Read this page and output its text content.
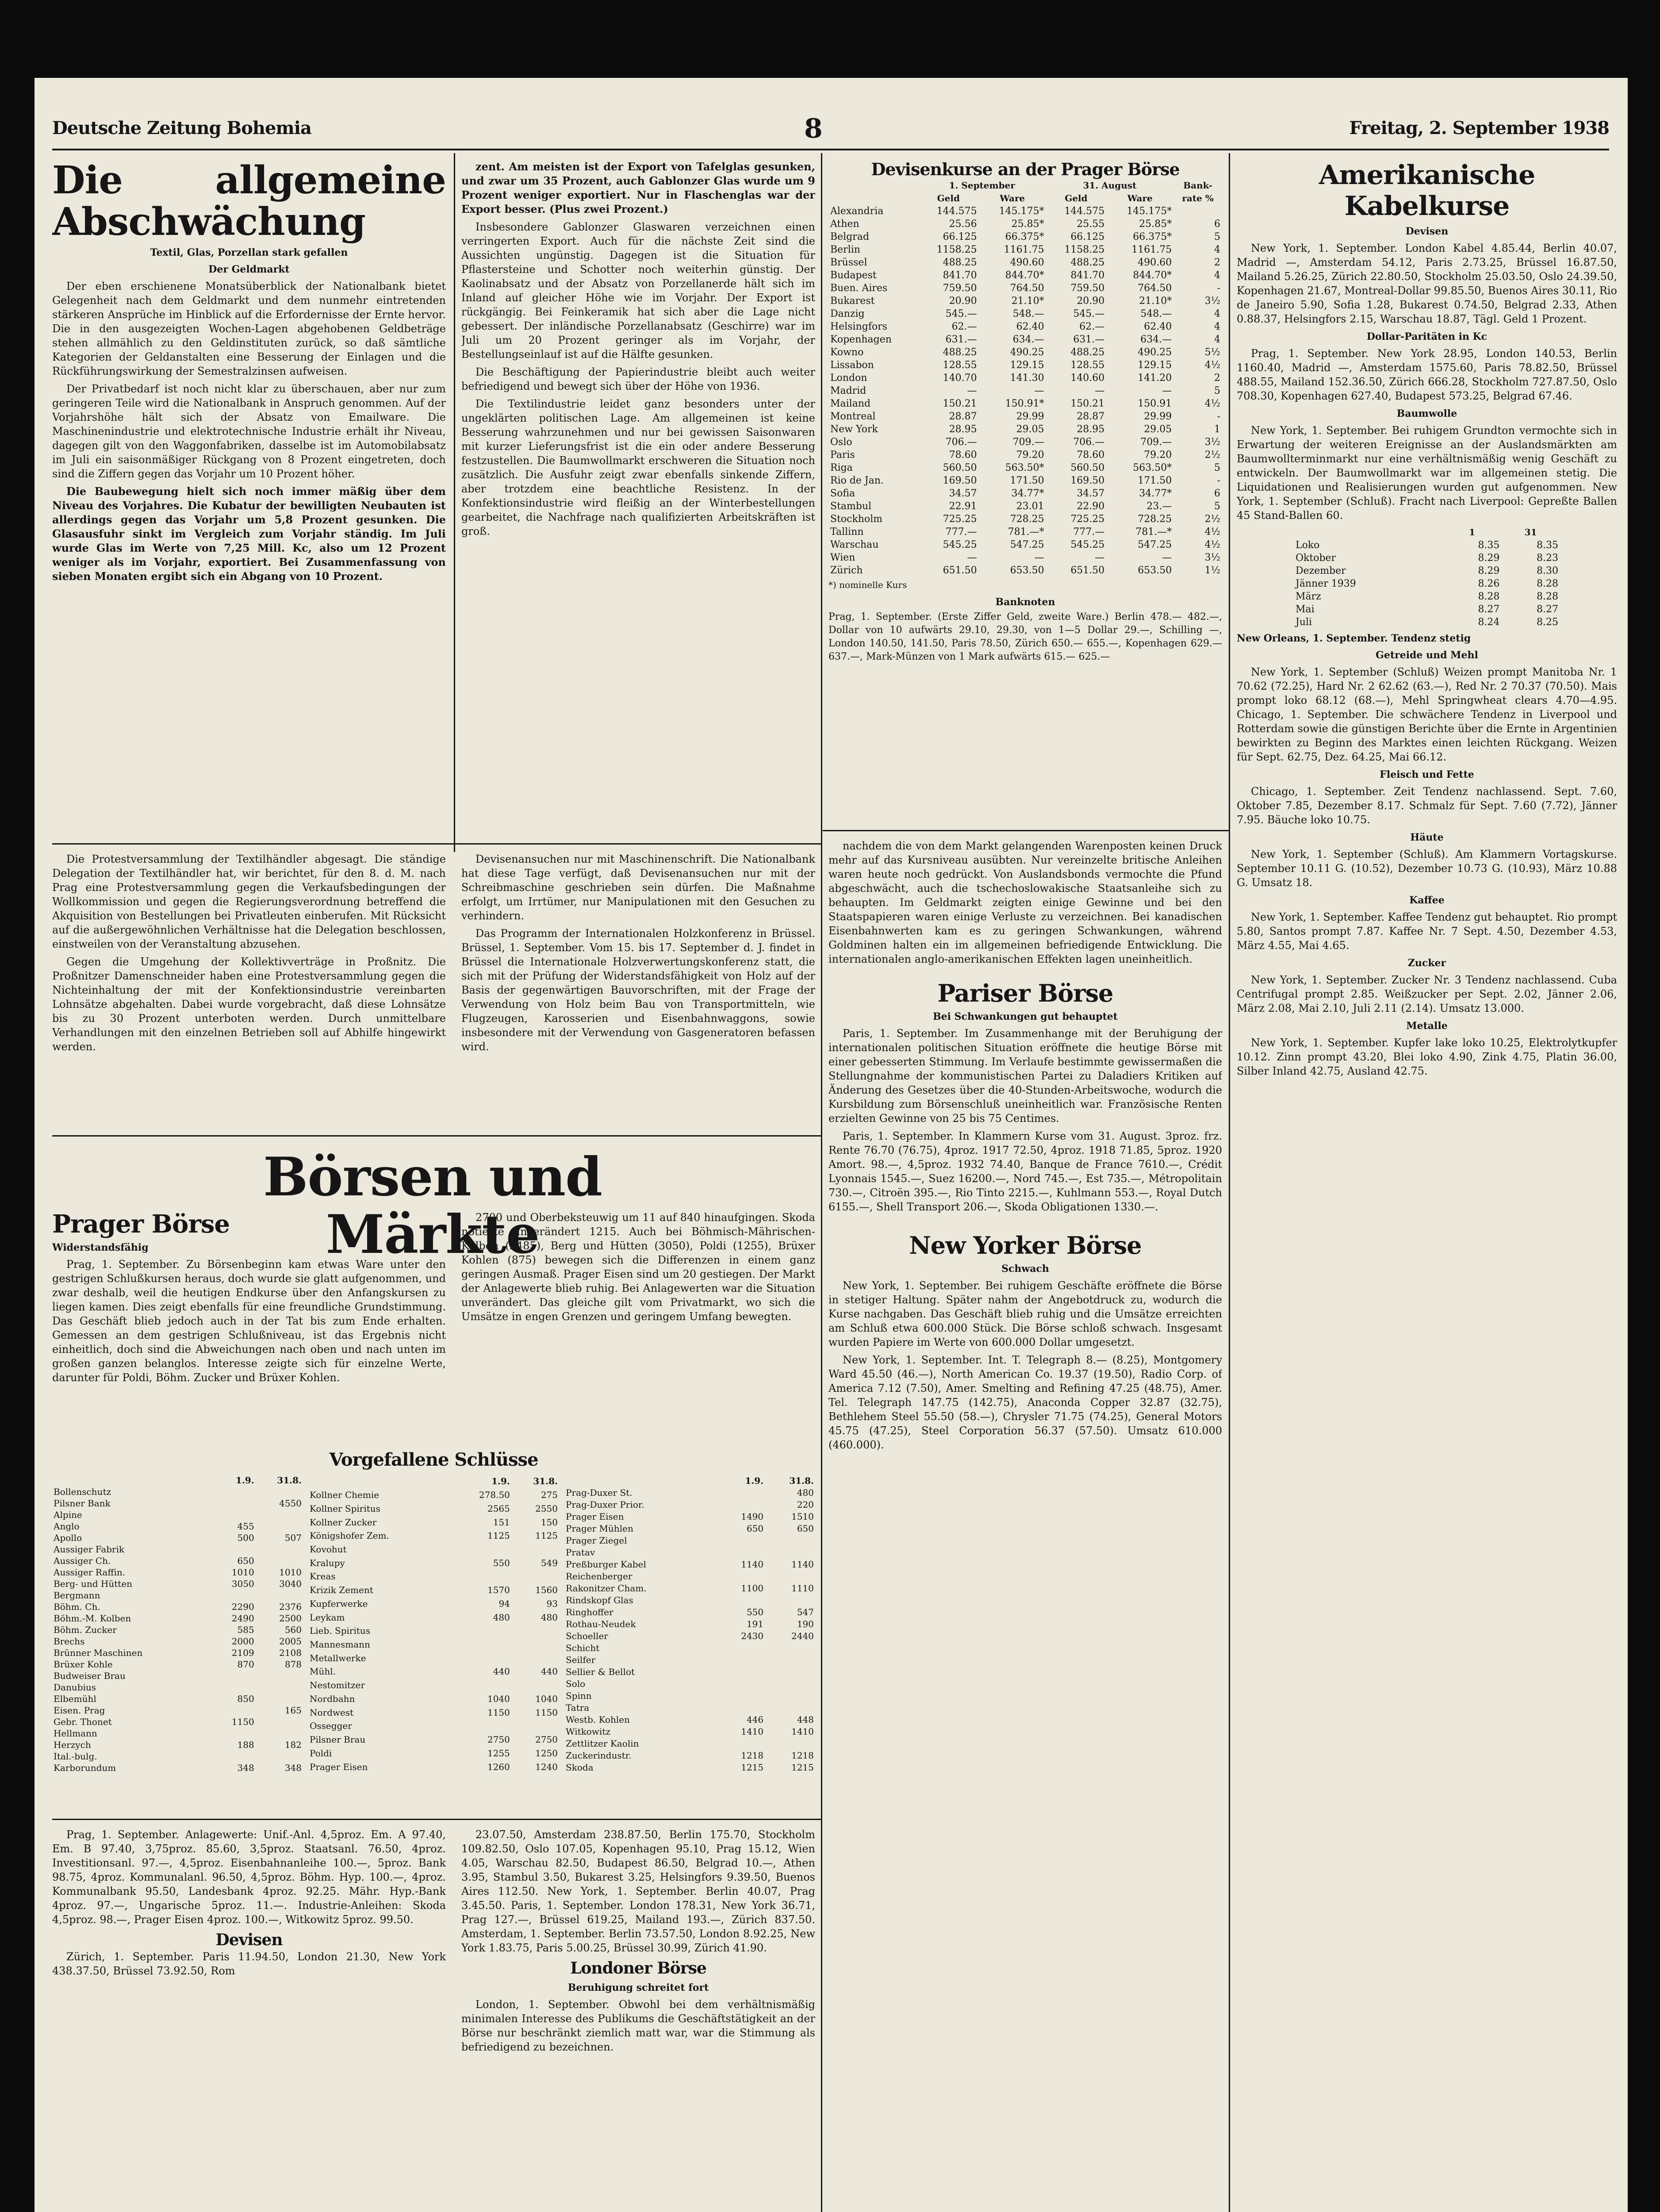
Deutsche Zeitung Bohemia	8	Freitag, 2. September 1938
Die allgemeine Abschwächung
Textil, Glas, Porzellan stark gefallen
Der Geldmarkt

Der eben erschienene Monatsüberblick der Nationalbank bietet Gelegenheit nach dem Geldmarkt und dem nunmehr eintretenden stärkeren Ansprüche im Hinblick auf die Erfordernisse der Ernte hervor. Die in den ausgezeigten Wochen-Lagen abgehobenen Geldbeträge stehen allmählich zu den Geldinstituten zurück, so daß sämtliche Kategorien der Geldanstalten eine Besserung der Einlagen und die Rückführungswirkung der Semestralzinsen aufweisen.

Der Privatbedarf ist noch nicht klar zu überschauen, aber nur zum geringeren Teile wird die Nationalbank in Anspruch genommen. Auf der Vorjahrshöhe hält sich der Absatz von Emailware. Die Maschinenindustrie und elektrotechnische Industrie erhält ihr Niveau, dagegen gilt von den Waggonfabriken, dasselbe ist im Automobilabsatz im Juli ein saisonmäßiger Rückgang von 8 Prozent eingetreten, doch sind die Ziffern gegen das Vorjahr um 10 Prozent höher.

Die Baubewegung hielt sich noch immer mäßig über dem Niveau des Vorjahres. Die Kubatur der bewilligten Neubauten ist allerdings gegen das Vorjahr um 5,8 Prozent gesunken. Die Glasausfuhr sinkt im Vergleich zum Vorjahr ständig. Im Juli wurde Glas im Werte von 7,25 Mill. Kc, also um 12 Prozent weniger als im Vorjahr, exportiert. Bei Zusammenfassung von sieben Monaten ergibt sich ein Abgang von 10 Prozent.

zent. Am meisten ist der Export von Tafelglas gesunken, und zwar um 35 Prozent, auch Gablonzer Glas wurde um 9 Prozent weniger exportiert. Nur in Flaschenglas war der Export besser. (Plus zwei Prozent.)

Insbesondere Gablonzer Glaswaren verzeichnen einen verringerten Export. Auch für die nächste Zeit sind die Aussichten ungünstig. Dagegen ist die Situation für Pflastersteine und Schotter noch weiterhin günstig. Der Kaolinabsatz und der Absatz von Porzellanerde hält sich im Inland auf gleicher Höhe wie im Vorjahr. Der Export ist rückgängig. Bei Feinkeramik hat sich aber die Lage nicht gebessert. Der inländische Porzellanabsatz (Geschirre) war im Juli um 20 Prozent geringer als im Vorjahr, der Bestellungseinlauf ist auf die Hälfte gesunken.

Die Beschäftigung der Papierindustrie bleibt auch weiter befriedigend und bewegt sich über der Höhe von 1936.

Die Textilindustrie leidet ganz besonders unter der ungeklärten politischen Lage. Am allgemeinen ist keine Besserung wahrzunehmen und nur bei gewissen Saisonwaren mit kurzer Lieferungsfrist ist die ein oder andere Besserung festzustellen. Die Baumwollmarkt erschweren die Situation noch zusätzlich. Die Ausfuhr zeigt zwar ebenfalls sinkende Ziffern, aber trotzdem eine beachtliche Resistenz. In der Konfektionsindustrie wird fleißig an der Winterbestellungen gearbeitet, die Nachfrage nach qualifizierten Arbeitskräften ist groß.

Die Protestversammlung der Textilhändler abgesagt. Die ständige Delegation der Textilhändler hat, wir berichtet, für den 8. d. M. nach Prag eine Protestversammlung gegen die Verkaufsbedingungen der Wollkommission und gegen die Regierungsverordnung betreffend die Akquisition von Bestellungen bei Privatleuten einberufen. Mit Rücksicht auf die außergewöhnlichen Verhältnisse hat die Delegation beschlossen, einstweilen von der Veranstaltung abzusehen.

Gegen die Umgehung der Kollektivverträge in Proßnitz. Die Proßnitzer Damenschneider haben eine Protestversammlung gegen die Nichteinhaltung der mit der Konfektionsindustrie vereinbarten Lohnsätze abgehalten. Dabei wurde vorgebracht, daß diese Lohnsätze bis zu 30 Prozent unterboten werden. Durch unmittelbare Verhandlungen mit den einzelnen Betrieben soll auf Abhilfe hingewirkt werden.

Devisenansuchen nur mit Maschinenschrift. Die Nationalbank hat diese Tage verfügt, daß Devisenansuchen nur mit der Schreibmaschine geschrieben sein dürfen. Die Maßnahme erfolgt, um Irrtümer, nur Manipulationen mit den Gesuchen zu verhindern.

Das Programm der Internationalen Holzkonferenz in Brüssel. Brüssel, 1. September. Vom 15. bis 17. September d. J. findet in Brüssel die Internationale Holzverwertungskonferenz statt, die sich mit der Prüfung der Widerstandsfähigkeit von Holz auf der Basis der gegenwärtigen Bauvorschriften, mit der Frage der Verwendung von Holz beim Bau von Transportmitteln, wie Flugzeugen, Karosserien und Eisenbahnwaggons, sowie insbesondere mit der Verwendung von Gasgeneratoren befassen wird.

Börsen und Märkte
Prager Börse
Widerstandsfähig

Prag, 1. September. Zu Börsenbeginn kam etwas Ware unter den gestrigen Schlußkursen heraus, doch wurde sie glatt aufgenommen, und zwar deshalb, weil die heutigen Endkurse über den Anfangskursen zu liegen kamen. Dies zeigt ebenfalls für eine freundliche Grundstimmung. Das Geschäft blieb jedoch auch in der Tat bis zum Ende erhalten. Gemessen an dem gestrigen Schlußniveau, ist das Ergebnis nicht einheitlich, doch sind die Abweichungen nach oben und nach unten im großen ganzen belanglos. Interesse zeigte sich für einzelne Werte, darunter für Poldi, Böhm. Zucker und Brüxer Kohlen.

2700 und Oberbeksteuwig um 11 auf 840 hinaufgingen. Skoda notierte unverändert 1215. Auch bei Böhmisch-Mährischen-Kolben (2485), Berg und Hütten (3050), Poldi (1255), Brüxer Kohlen (875) bewegen sich die Differenzen in einem ganz geringen Ausmaß. Prager Eisen sind um 20 gestiegen. Der Markt der Anlagewerte blieb ruhig. Bei Anlagewerten war die Situation unverändert. Das gleiche gilt vom Privatmarkt, wo sich die Umsätze in engen Grenzen und geringem Umfang bewegten.

Vorgefallene Schlüsse
	1.9.	31.8.
Bollenschutz		
Pilsner Bank		4550
Alpine		
Anglo	455	
Apollo	500	507
Aussiger Fabrik		
Aussiger Ch.	650	
Aussiger Raffin.	1010	1010
Berg- und Hütten	3050	3040
Bergmann		
Böhm. Ch.	2290	2376
Böhm.-M. Kolben	2490	2500
Böhm. Zucker	585	560
Brechs	2000	2005
Brünner Maschinen	2109	2108
Brüxer Kohle	870	878
Budweiser Brau		
Danubius		
Elbemühl	850	
Eisen. Prag		165
Gebr. Thonet	1150	
Hellmann		
Herzych	188	182
Ital.-bulg.		
Karborundum	348	348
	1.9.	31.8.
Kollner Chemie	278.50	275
Kollner Spiritus	2565	2550
Kollner Zucker	151	150
Königshofer Zem.	1125	1125
Kovohut		
Kralupy	550	549
Kreas		
Krizik Zement	1570	1560
Kupferwerke	94	93
Leykam	480	480
Lieb. Spiritus		
Mannesmann		
Metallwerke		
Mühl.	440	440
Nestomitzer		
Nordbahn	1040	1040
Nordwest	1150	1150
Ossegger		
Pilsner Brau	2750	2750
Poldi	1255	1250
Prager Eisen	1260	1240
	1.9.	31.8.
Prag-Duxer St.		480
Prag-Duxer Prior.		220
Prager Eisen	1490	1510
Prager Mühlen	650	650
Prager Ziegel		
Pratav		
Preßburger Kabel	1140	1140
Reichenberger		
Rakonitzer Cham.	1100	1110
Rindskopf Glas		
Ringhoffer	550	547
Rothau-Neudek	191	190
Schoeller	2430	2440
Schicht		
Seilfer		
Sellier & Bellot		
Solo		
Spinn		
Tatra		
Westb. Kohlen	446	448
Witkowitz	1410	1410
Zettlitzer Kaolin		
Zuckerindustr.	1218	1218
Skoda	1215	1215

Prag, 1. September. Anlagewerte: Unif.-Anl. 4,5proz. Em. A 97.40, Em. B 97.40, 3,75proz. 85.60, 3,5proz. Staatsanl. 76.50, 4proz. Investitionsanl. 97.—, 4,5proz. Eisenbahnanleihe 100.—, 5proz. Bank 98.75, 4proz. Kommunalanl. 96.50, 4,5proz. Böhm. Hyp. 100.—, 4proz. Kommunalbank 95.50, Landesbank 4proz. 92.25. Mähr. Hyp.-Bank 4proz. 97.—, Ungarische 5proz. 11.—. Industrie-Anleihen: Skoda 4,5proz. 98.—, Prager Eisen 4proz. 100.—, Witkowitz 5proz. 99.50.

Devisen

Zürich, 1. September. Paris 11.94.50, London 21.30, New York 438.37.50, Brüssel 73.92.50, Rom

23.07.50, Amsterdam 238.87.50, Berlin 175.70, Stockholm 109.82.50, Oslo 107.05, Kopenhagen 95.10, Prag 15.12, Wien 4.05, Warschau 82.50, Budapest 86.50, Belgrad 10.—, Athen 3.95, Stambul 3.50, Bukarest 3.25, Helsingfors 9.39.50, Buenos Aires 112.50. New York, 1. September. Berlin 40.07, Prag 3.45.50. Paris, 1. September. London 178.31, New York 36.71, Prag 127.—, Brüssel 619.25, Mailand 193.—, Zürich 837.50. Amsterdam, 1. September. Berlin 73.57.50, London 8.92.25, New York 1.83.75, Paris 5.00.25, Brüssel 30.99, Zürich 41.90.

Londoner Börse
Beruhigung schreitet fort

London, 1. September. Obwohl bei dem verhältnismäßig minimalen Interesse des Publikums die Geschäftstätigkeit an der Börse nur beschränkt ziemlich matt war, war die Stimmung als befriedigend zu bezeichnen.

Devisenkurse an der Prager Börse
	1. September		31. August		Bank-
	Geld	Ware	Geld	Ware	rate %
Alexandria	144.575	145.175*	144.575	145.175*	
Athen	25.56	25.85*	25.55	25.85*	6
Belgrad	66.125	66.375*	66.125	66.375*	5
Berlin	1158.25	1161.75	1158.25	1161.75	4
Brüssel	488.25	490.60	488.25	490.60	2
Budapest	841.70	844.70*	841.70	844.70*	4
Buen. Aires	759.50	764.50	759.50	764.50	-
Bukarest	20.90	21.10*	20.90	21.10*	3½
Danzig	545.—	548.—	545.—	548.—	4
Helsingfors	62.—	62.40	62.—	62.40	4
Kopenhagen	631.—	634.—	631.—	634.—	4
Kowno	488.25	490.25	488.25	490.25	5½
Lissabon	128.55	129.15	128.55	129.15	4½
London	140.70	141.30	140.60	141.20	2
Madrid	—	—	—	—	5
Mailand	150.21	150.91*	150.21	150.91	4½
Montreal	28.87	29.99	28.87	29.99	-
New York	28.95	29.05	28.95	29.05	1
Oslo	706.—	709.—	706.—	709.—	3½
Paris	78.60	79.20	78.60	79.20	2½
Riga	560.50	563.50*	560.50	563.50*	5
Rio de Jan.	169.50	171.50	169.50	171.50	-
Sofia	34.57	34.77*	34.57	34.77*	6
Stambul	22.91	23.01	22.90	23.—	5
Stockholm	725.25	728.25	725.25	728.25	2½
Tallinn	777.—	781.—*	777.—	781.—*	4½
Warschau	545.25	547.25	545.25	547.25	4½
Wien	—	—	—	—	3½
Zürich	651.50	653.50	651.50	653.50	1½
*) nominelle Kurs
Banknoten
Prag, 1. September. (Erste Ziffer Geld, zweite Ware.) Berlin 478.— 482.—, Dollar von 10 aufwärts 29.10, 29.30, von 1—5 Dollar 29.—, Schilling —, London 140.50, 141.50, Paris 78.50, Zürich 650.— 655.—, Kopenhagen 629.— 637.—, Mark-Münzen von 1 Mark aufwärts 615.— 625.—

nachdem die von dem Markt gelangenden Warenposten keinen Druck mehr auf das Kursniveau ausübten. Nur vereinzelte britische Anleihen waren heute noch gedrückt. Von Auslandsbonds vermochte die Pfund abgeschwächt, auch die tschechoslowakische Staatsanleihe sich zu behaupten. Im Geldmarkt zeigten einige Gewinne und bei den Staatspapieren waren einige Verluste zu verzeichnen. Bei kanadischen Eisenbahnwerten kam es zu geringen Schwankungen, während Goldminen halten ein im allgemeinen befriedigende Entwicklung. Die internationalen anglo-amerikanischen Effekten lagen uneinheitlich.

Pariser Börse
Bei Schwankungen gut behauptet

Paris, 1. September. Im Zusammenhange mit der Beruhigung der internationalen politischen Situation eröffnete die heutige Börse mit einer gebesserten Stimmung. Im Verlaufe bestimmte gewissermaßen die Stellungnahme der kommunistischen Partei zu Daladiers Kritiken auf Änderung des Gesetzes über die 40-Stunden-Arbeitswoche, wodurch die Kursbildung zum Börsenschluß uneinheitlich war. Französische Renten erzielten Gewinne von 25 bis 75 Centimes.

Paris, 1. September. In Klammern Kurse vom 31. August. 3proz. frz. Rente 76.70 (76.75), 4proz. 1917 72.50, 4proz. 1918 71.85, 5proz. 1920 Amort. 98.—, 4,5proz. 1932 74.40, Banque de France 7610.—, Crédit Lyonnais 1545.—, Suez 16200.—, Nord 745.—, Est 735.—, Métropolitain 730.—, Citroën 395.—, Rio Tinto 2215.—, Kuhlmann 553.—, Royal Dutch 6155.—, Shell Transport 206.—, Skoda Obligationen 1330.—.

New Yorker Börse
Schwach

New York, 1. September. Bei ruhigem Geschäfte eröffnete die Börse in stetiger Haltung. Später nahm der Angebotdruck zu, wodurch die Kurse nachgaben. Das Geschäft blieb ruhig und die Umsätze erreichten am Schluß etwa 600.000 Stück. Die Börse schloß schwach. Insgesamt wurden Papiere im Werte von 600.000 Dollar umgesetzt.

New York, 1. September. Int. T. Telegraph 8.— (8.25), Montgomery Ward 45.50 (46.—), North American Co. 19.37 (19.50), Radio Corp. of America 7.12 (7.50), Amer. Smelting and Refining 47.25 (48.75), Amer. Tel. Telegraph 147.75 (142.75), Anaconda Copper 32.87 (32.75), Bethlehem Steel 55.50 (58.—), Chrysler 71.75 (74.25), General Motors 45.75 (47.25), Steel Corporation 56.37 (57.50). Umsatz 610.000 (460.000).

Amerikanische Kabelkurse
Devisen

New York, 1. September. London Kabel 4.85.44, Berlin 40.07, Madrid —, Amsterdam 54.12, Paris 2.73.25, Brüssel 16.87.50, Mailand 5.26.25, Zürich 22.80.50, Stockholm 25.03.50, Oslo 24.39.50, Kopenhagen 21.67, Montreal-Dollar 99.85.50, Buenos Aires 30.11, Rio de Janeiro 5.90, Sofia 1.28, Bukarest 0.74.50, Belgrad 2.33, Athen 0.88.37, Helsingfors 2.15, Warschau 18.87, Tägl. Geld 1 Prozent.

Dollar-Paritäten in Kc

Prag, 1. September. New York 28.95, London 140.53, Berlin 1160.40, Madrid —, Amsterdam 1575.60, Paris 78.82.50, Brüssel 488.55, Mailand 152.36.50, Zürich 666.28, Stockholm 727.87.50, Oslo 708.30, Kopenhagen 627.40, Budapest 573.25, Belgrad 67.46.

Baumwolle

New York, 1. September. Bei ruhigem Grundton vermochte sich in Erwartung der weiteren Ereignisse an der Auslandsmärkten am Baumwollterminmarkt nur eine verhältnismäßig wenig Geschäft zu entwickeln. Der Baumwollmarkt war im allgemeinen stetig. Die Liquidationen und Realisierungen wurden gut aufgenommen. New York, 1. September (Schluß). Fracht nach Liverpool: Gepreßte Ballen 45 Stand-Ballen 60.

	1	31
Loko	8.35	8.35
Oktober	8.29	8.23
Dezember	8.29	8.30
Jänner 1939	8.26	8.28
März	8.28	8.28
Mai	8.27	8.27
Juli	8.24	8.25
New Orleans, 1. September. Tendenz stetig
Getreide und Mehl

New York, 1. September (Schluß) Weizen prompt Manitoba Nr. 1 70.62 (72.25), Hard Nr. 2 62.62 (63.—), Red Nr. 2 70.37 (70.50). Mais prompt loko 68.12 (68.—), Mehl Springwheat clears 4.70—4.95. Chicago, 1. September. Die schwächere Tendenz in Liverpool und Rotterdam sowie die günstigen Berichte über die Ernte in Argentinien bewirkten zu Beginn des Marktes einen leichten Rückgang. Weizen für Sept. 62.75, Dez. 64.25, Mai 66.12.

Fleisch und Fette

Chicago, 1. September. Zeit Tendenz nachlassend. Sept. 7.60, Oktober 7.85, Dezember 8.17. Schmalz für Sept. 7.60 (7.72), Jänner 7.95. Bäuche loko 10.75.

Häute

New York, 1. September (Schluß). Am Klammern Vortagskurse. September 10.11 G. (10.52), Dezember 10.73 G. (10.93), März 10.88 G. Umsatz 18.

Kaffee

New York, 1. September. Kaffee Tendenz gut behauptet. Rio prompt 5.80, Santos prompt 7.87. Kaffee Nr. 7 Sept. 4.50, Dezember 4.53, März 4.55, Mai 4.65.

Zucker

New York, 1. September. Zucker Nr. 3 Tendenz nachlassend. Cuba Centrifugal prompt 2.85. Weißzucker per Sept. 2.02, Jänner 2.06, März 2.08, Mai 2.10, Juli 2.11 (2.14). Umsatz 13.000.

Metalle

New York, 1. September. Kupfer lake loko 10.25, Elektrolytkupfer 10.12. Zinn prompt 43.20, Blei loko 4.90, Zink 4.75, Platin 36.00, Silber Inland 42.75, Ausland 42.75.
